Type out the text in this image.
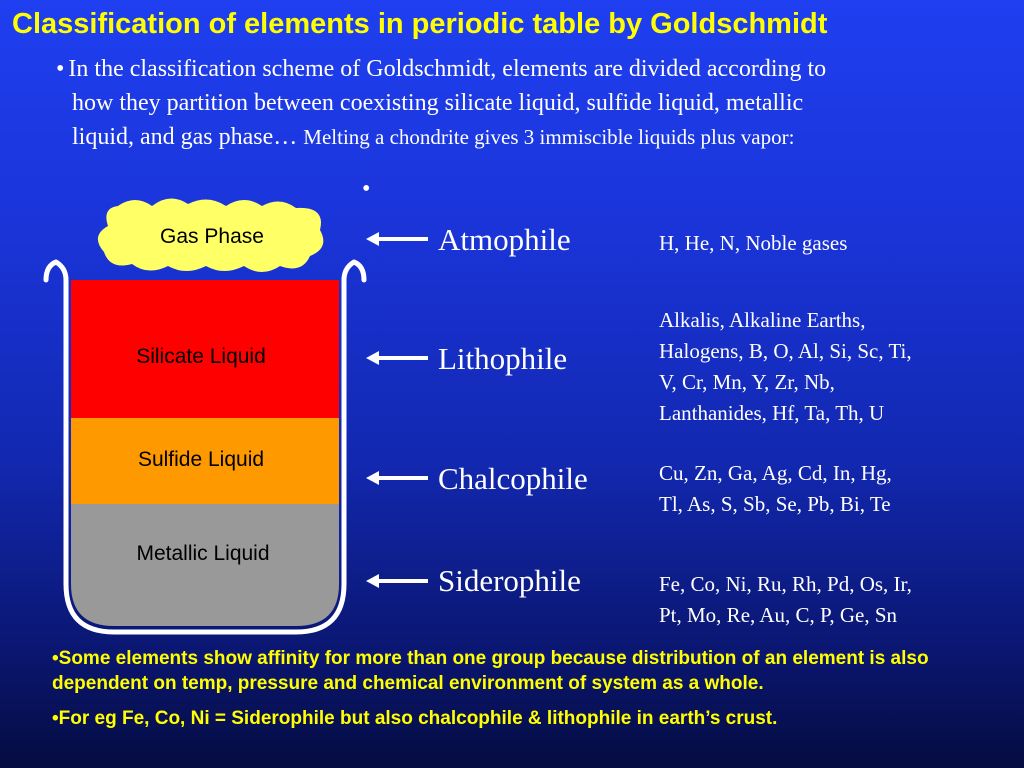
Classification of elements in periodic table by Goldschmidt
• In the classification scheme of Goldschmidt, elements are divided according to
how they partition between coexisting silicate liquid, sulfide liquid, metallic
liquid, and gas phase… Melting a chondrite gives 3 immiscible liquids plus vapor:
•
Gas Phase
Silicate Liquid
Sulfide Liquid
Metallic Liquid
Atmophile
Lithophile
Chalcophile
Siderophile
H, He, N, Noble gases
Alkalis, Alkaline Earths,
Halogens, B, O, Al, Si, Sc, Ti,
V, Cr, Mn, Y, Zr, Nb,
Lanthanides, Hf, Ta, Th, U
Cu, Zn, Ga, Ag, Cd, In, Hg,
Tl, As, S, Sb, Se, Pb, Bi, Te
Fe, Co, Ni, Ru, Rh, Pd, Os, Ir,
Pt, Mo, Re, Au, C, P, Ge, Sn

•Some elements show affinity for more than one group because distribution of an element is also dependent on temp, pressure and chemical environment of system as a whole.

•For eg Fe, Co, Ni = Siderophile but also chalcophile & lithophile in earth’s crust.
